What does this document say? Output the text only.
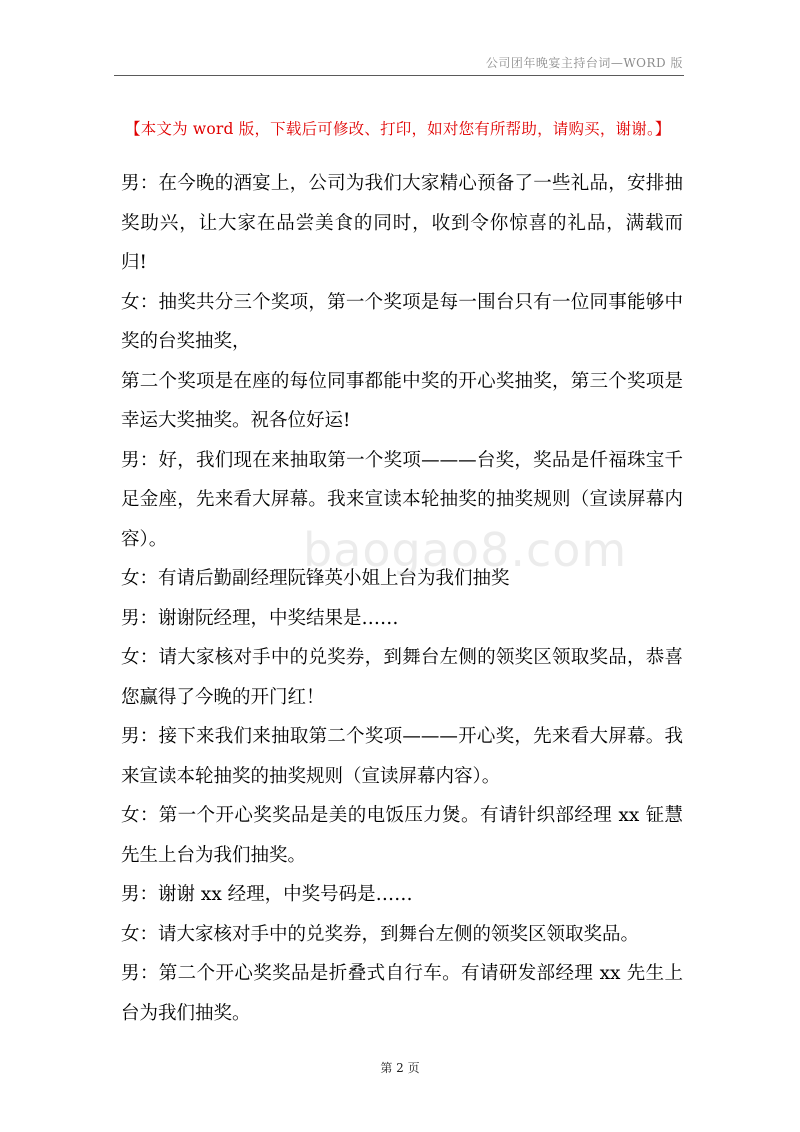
公司团年晚宴主持台词—WORD 版
【本文为 word 版，下载后可修改、打印，如对您有所帮助，请购买，谢谢。】

男：在今晚的酒宴上，公司为我们大家精心预备了一些礼品，安排抽奖助兴，让大家在品尝美食的同时，收到令你惊喜的礼品，满载而归!

女：抽奖共分三个奖项，第一个奖项是每一围台只有一位同事能够中奖的台奖抽奖，

第二个奖项是在座的每位同事都能中奖的开心奖抽奖，第三个奖项是幸运大奖抽奖。祝各位好运!

男：好，我们现在来抽取第一个奖项———台奖，奖品是仟福珠宝千足金座，先来看大屏幕。我来宣读本轮抽奖的抽奖规则（宣读屏幕内容）。

女：有请后勤副经理阮锋英小姐上台为我们抽奖

男：谢谢阮经理，中奖结果是……

女：请大家核对手中的兑奖券，到舞台左侧的领奖区领取奖品，恭喜您赢得了今晚的开门红！

男：接下来我们来抽取第二个奖项———开心奖，先来看大屏幕。我来宣读本轮抽奖的抽奖规则（宣读屏幕内容）。

女：第一个开心奖奖品是美的电饭压力煲。有请针织部经理 xx 钲慧先生上台为我们抽奖。

男：谢谢 xx 经理，中奖号码是……

女：请大家核对手中的兑奖券，到舞台左侧的领奖区领取奖品。

男：第二个开心奖奖品是折叠式自行车。有请研发部经理 xx 先生上台为我们抽奖。

baogao8.com
第 2 页
